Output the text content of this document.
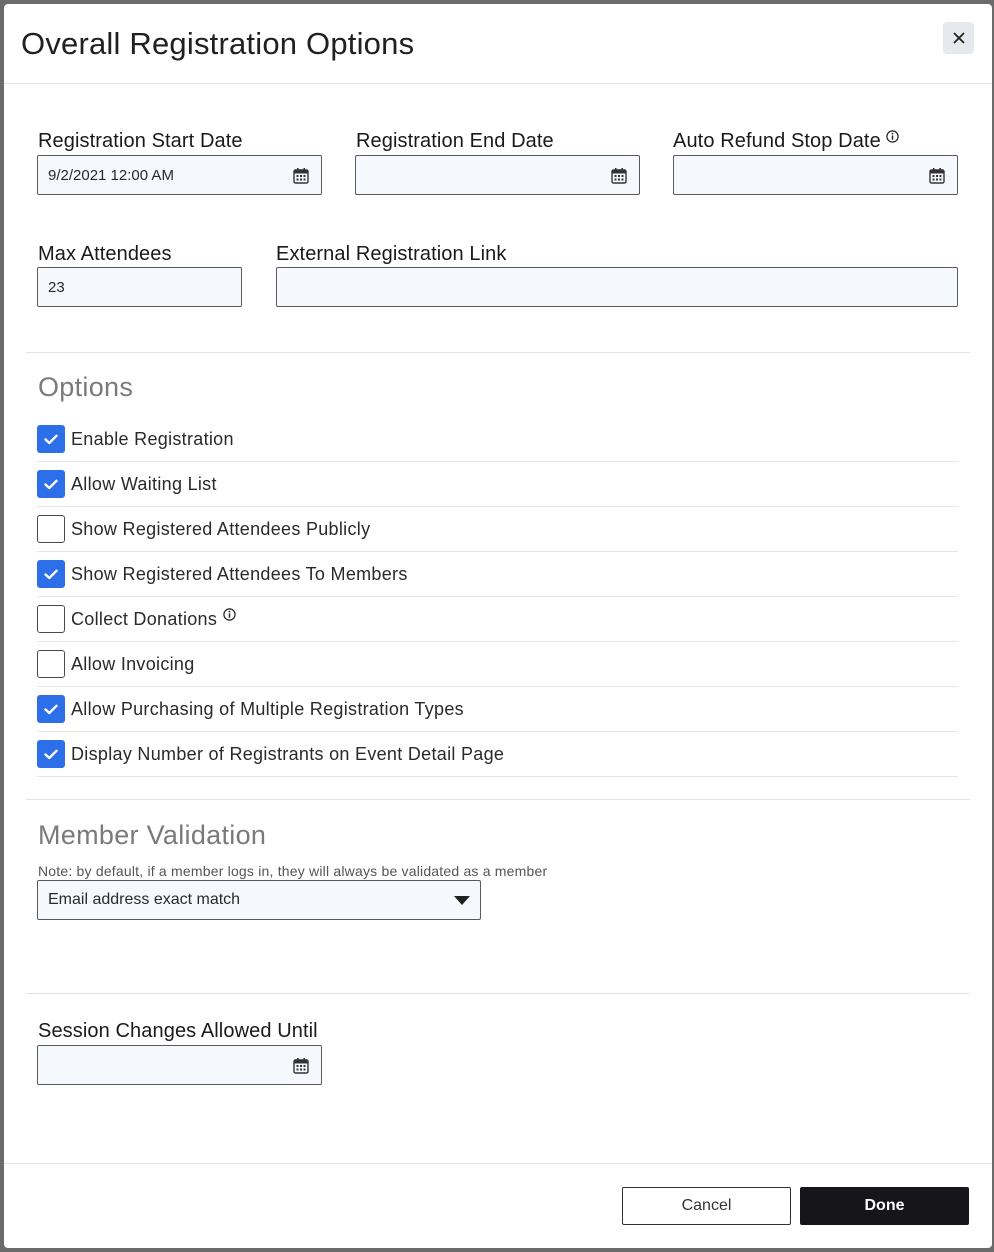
Overall Registration Options
Registration Start Date
9/2/2021 12:00 AM
Registration End Date	Auto Refund Stop Date
Max Attendees
23
External Registration Link
Options
Enable Registration
Allow Waiting List
Show Registered Attendees Publicly
Show Registered Attendees To Members
Collect Donations
Allow Invoicing
Allow Purchasing of Multiple Registration Types
Display Number of Registrants on Event Detail Page
Member Validation
Note: by default, if a member logs in, they will always be validated as a member
Email address exact match
Session Changes Allowed Until
Cancel	Done
